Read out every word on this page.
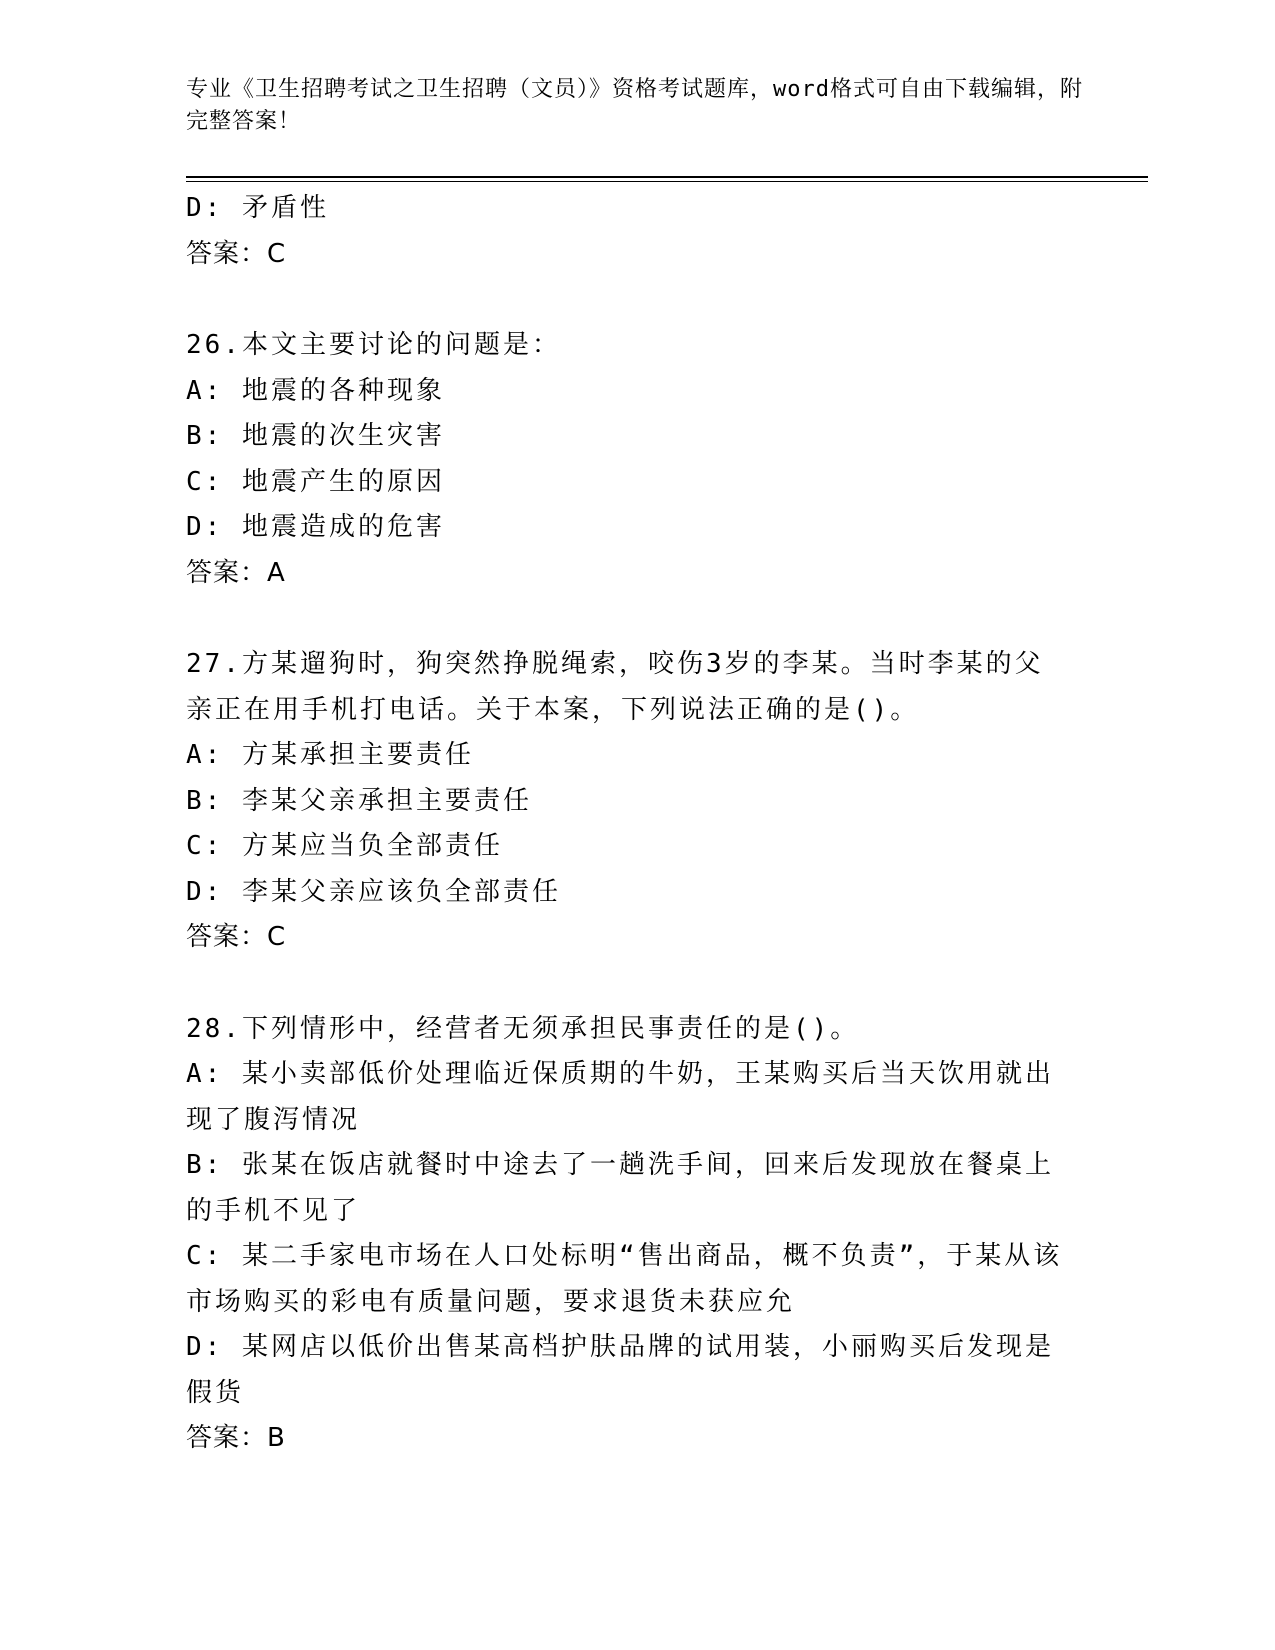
专业《卫生招聘考试之卫生招聘（文员）》资格考试题库，word格式可自由下载编辑，附完整答案！

D: 矛盾性

答案：C

26.本文主要讨论的问题是：

A: 地震的各种现象

B: 地震的次生灾害

C: 地震产生的原因

D: 地震造成的危害

答案：A

27.方某遛狗时，狗突然挣脱绳索，咬伤3岁的李某。当时李某的父亲正在用手机打电话。关于本案，下列说法正确的是()。

A: 方某承担主要责任

B: 李某父亲承担主要责任

C: 方某应当负全部责任

D: 李某父亲应该负全部责任

答案：C

28.下列情形中，经营者无须承担民事责任的是()。

A: 某小卖部低价处理临近保质期的牛奶，王某购买后当天饮用就出现了腹泻情况

B: 张某在饭店就餐时中途去了一趟洗手间，回来后发现放在餐桌上的手机不见了

C: 某二手家电市场在人口处标明“售出商品，概不负责”，于某从该市场购买的彩电有质量问题，要求退货未获应允

D: 某网店以低价出售某高档护肤品牌的试用装，小丽购买后发现是假货

答案：B
